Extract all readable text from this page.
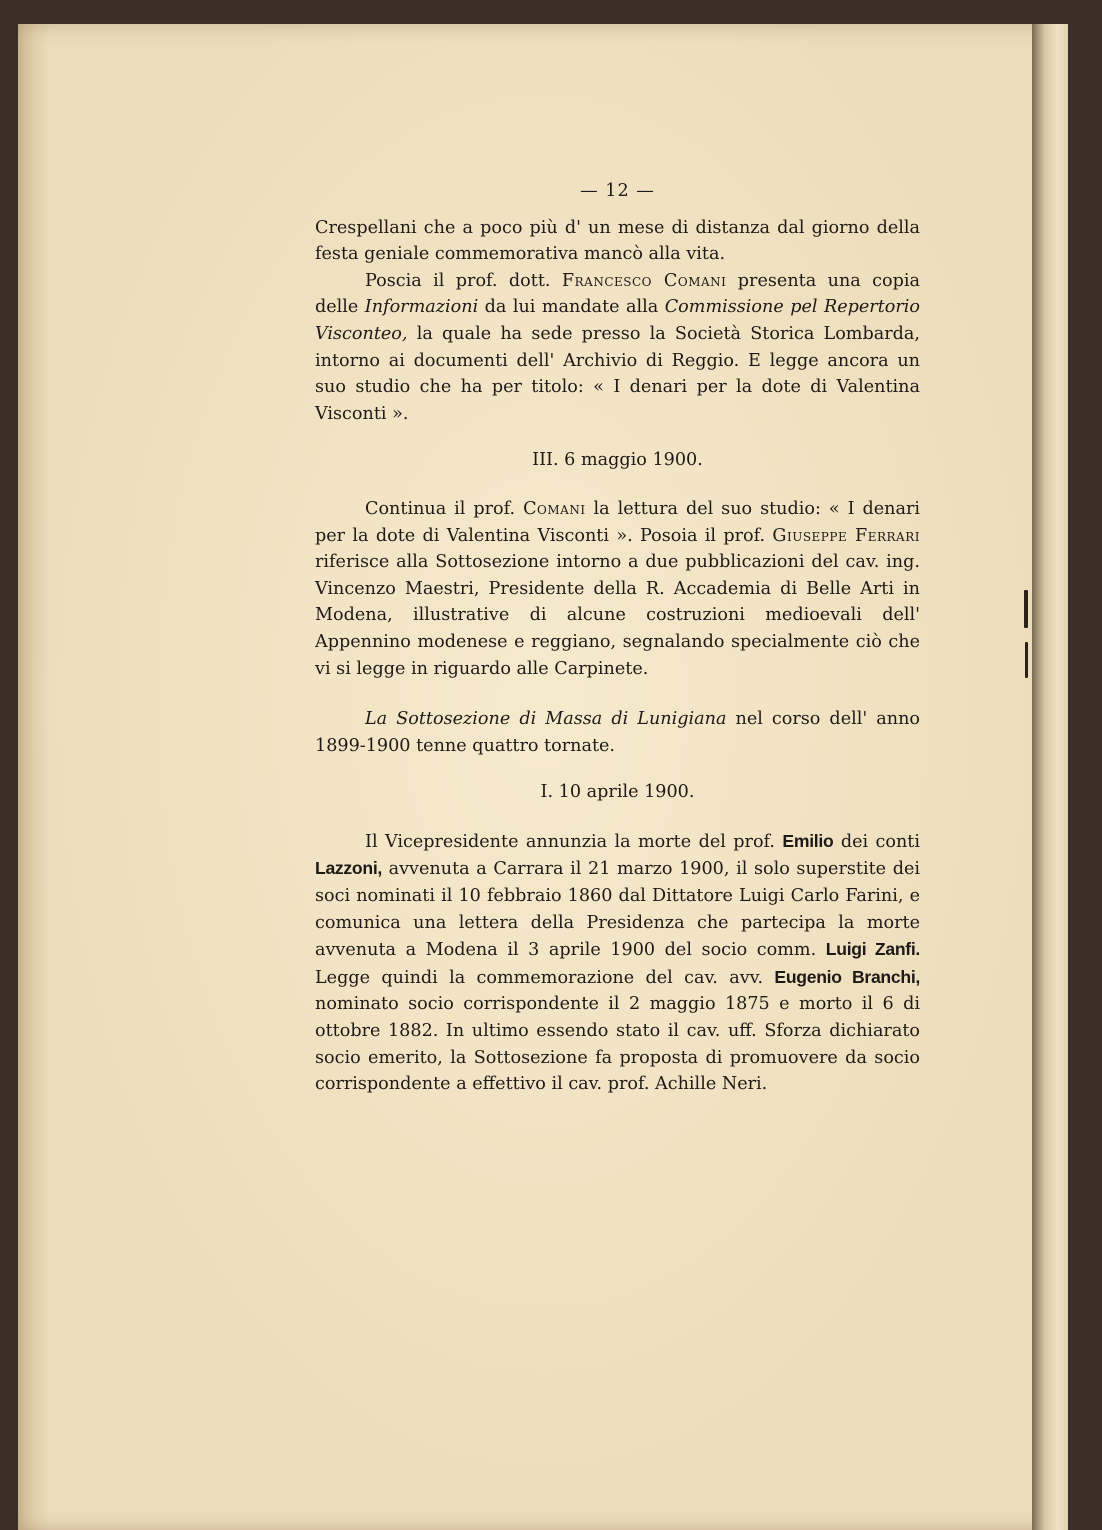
— 12 —

Crespellani che a poco più d' un mese di distanza dal giorno della festa geniale commemorativa mancò alla vita.

Poscia il prof. dott. Francesco Comani presenta una copia delle Informazioni da lui mandate alla Commissione pel Repertorio Visconteo, la quale ha sede presso la Società Storica Lombarda, intorno ai documenti dell' Archivio di Reggio. E legge ancora un suo studio che ha per titolo: « I denari per la dote di Valentina Visconti ».

III. 6 maggio 1900.

Continua il prof. Comani la lettura del suo studio: « I denari per la dote di Valentina Visconti ». Posoia il prof. Giuseppe Ferrari riferisce alla Sottosezione intorno a due pubblicazioni del cav. ing. Vincenzo Maestri, Presidente della R. Accademia di Belle Arti in Modena, illustrative di alcune costruzioni medioevali dell' Appennino modenese e reggiano, segnalando specialmente ciò che vi si legge in riguardo alle Carpinete.

La Sottosezione di Massa di Lunigiana nel corso dell' anno 1899-1900 tenne quattro tornate.

I. 10 aprile 1900.

Il Vicepresidente annunzia la morte del prof. Emilio dei conti Lazzoni, avvenuta a Carrara il 21 marzo 1900, il solo superstite dei soci nominati il 10 febbraio 1860 dal Dittatore Luigi Carlo Farini, e comunica una lettera della Presidenza che partecipa la morte avvenuta a Modena il 3 aprile 1900 del socio comm. Luigi Zanfi. Legge quindi la commemorazione del cav. avv. Eugenio Branchi, nominato socio corrispondente il 2 maggio 1875 e morto il 6 di ottobre 1882. In ultimo essendo stato il cav. uff. Sforza dichiarato socio emerito, la Sottosezione fa proposta di promuovere da socio corrispondente a effettivo il cav. prof. Achille Neri.
